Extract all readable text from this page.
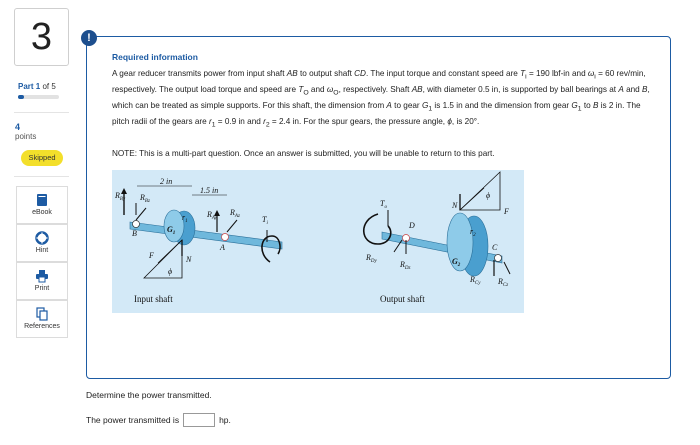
3
Part 1 of 5
4
points
Skipped
eBook
Hint
Print
References
!
Required information
A gear reducer transmits power from input shaft AB to output shaft CD. The input torque and constant speed are $T_i = 190$ lbf-in and $\omega_i = 60$ rev/min, respectively. The output load torque and speed are $T_O$ and $\omega_O$, respectively. Shaft AB, with diameter 0.5 in, is supported by ball bearings at A and B, which can be treated as simple supports. For this shaft, the dimension from A to gear $G_1$ is 1.5 in and the dimension from gear $G_1$ to B is 2 in. The pitch radii of the gears are $r_1 = 0.9$ in and $r_2 = 2.4$ in. For the spur gears, the pressure angle, ϕ, is 20°.
NOTE: This is a multi-part question. Once an answer is submitted, you will be unable to return to this part.
2 in
1.5 in
$R_{By}$ $R_{Bz}$
B	$G_1$
$r_1$
$R_{Ay}$
$R_{Az}$	$T_i$
A
F	N
ϕ
Input shaft
$T_o$
D
$R_{Dy}$	$R_{Dz}$
N
ϕ
F
$r_2$
C
$G_2$
$R_{Cy}$ $R_{Cz}$
Output shaft
Determine the power transmitted.
The power transmitted is	hp.
